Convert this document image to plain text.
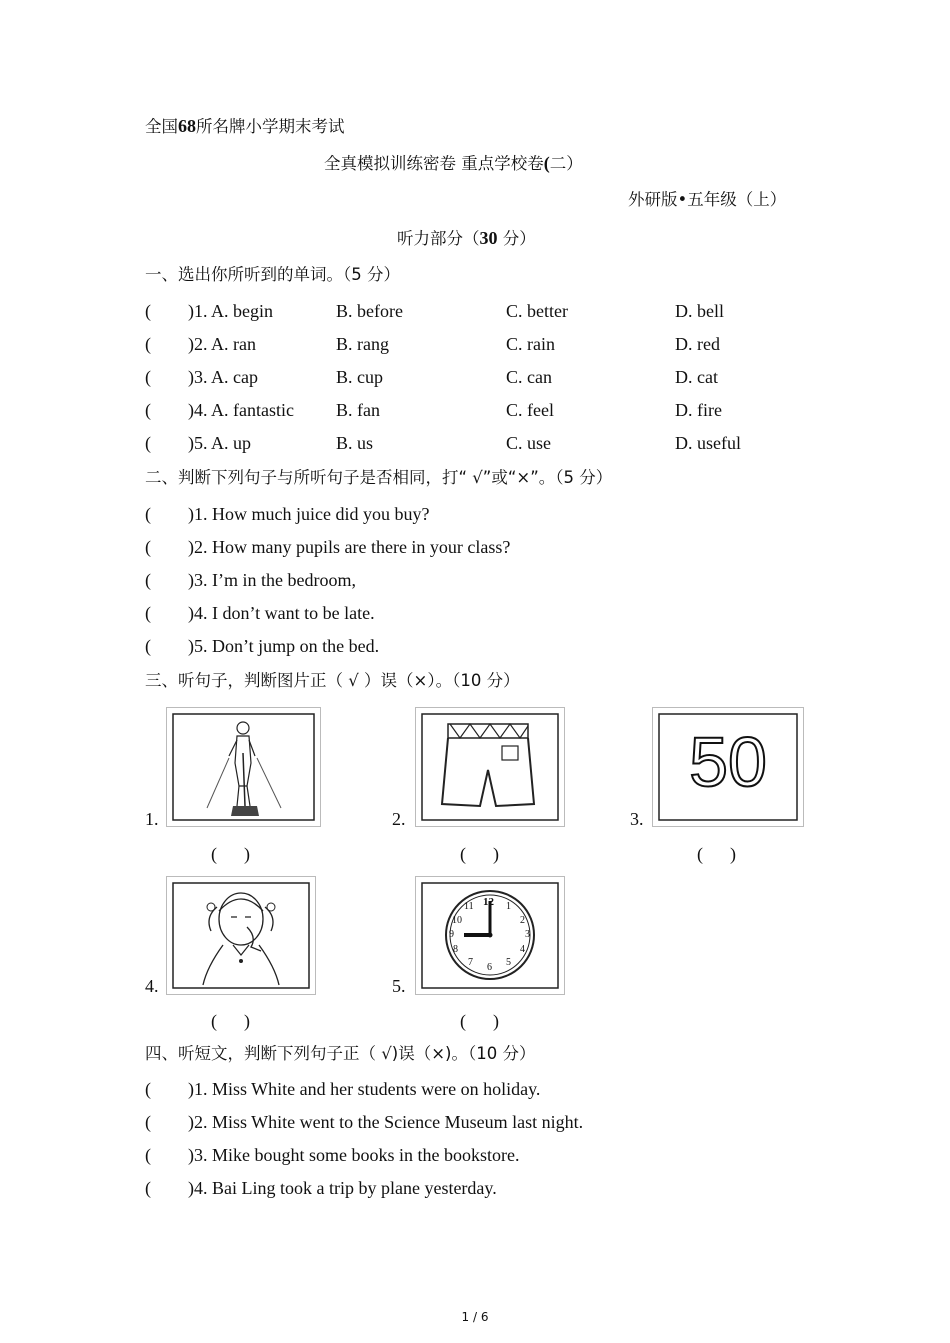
全国68所名牌小学期末考试
全真模拟训练密卷 重点学校卷(二）
外研版•五年级（上）
听力部分（30 分）
一、选出你所听到的单词。（5 分）
( )1. A. begin	B. before	C. better	D. bell
( )2. A. ran	B. rang	C. rain	D. red
( )3. A. cap	B. cup	C. can	D. cat
( )4. A. fantastic B. fan	C. feel	D. fire
( )5. A. up	B. us	C. use	D. useful
二、判断下列句子与所听句子是否相同，打“ √”或“×”。（5 分）
( )1. How much juice did you buy?
( )2. How many pupils are there in your class?
( )3. I’m in the bedroom,
( )4. I don’t want to be late.
( )5. Don’t jump on the bed.
三、听句子，判断图片正（ √ ）误（×）。（10 分）
1.
(      )
2.
(      )
3.
50
(      )
4.
(      )
5.
12 1
2
3
4
5
6
7
8
9
10
11
(      )
四、听短文，判断下列句子正（ √)误（×)。（10 分）
( )1. Miss White and her students were on holiday.
( )2. Miss White went to the Science Museum last night.
( )3. Mike bought some books in the bookstore.
( )4. Bai Ling took a trip by plane yesterday.
1 / 6
